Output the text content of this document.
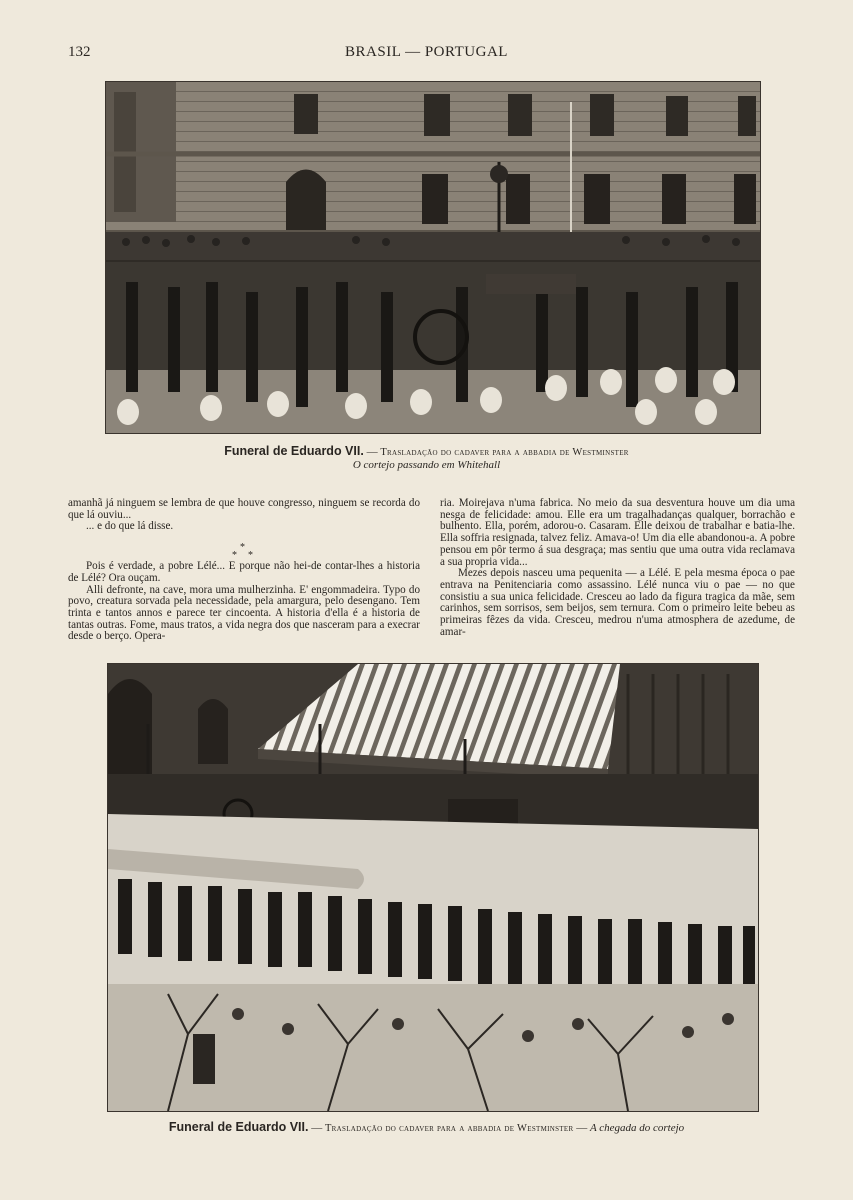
132	BRASIL — PORTUGAL
Funeral de Eduardo VII. — Trasladação do cadaver para a abbadia de Westminster
O cortejo passando em Whitehall

amanhã já ninguem se lembra de que houve congresso, ninguem se recorda do que lá ouviu...

... e do que lá disse.

*
* *

Pois é verdade, a pobre Lélé... E porque não hei-de contar-lhes a historia de Lélé? Ora ouçam.

Alli defronte, na cave, mora uma mulherzinha. E' engommadeira. Typo do povo, creatura sorvada pela necessidade, pela amargura, pelo desengano. Tem trinta e tantos annos e parece ter cincoenta. A historia d'ella é a historia de tantas outras. Fome, maus tratos, a vida negra dos que nasceram para a execrar desde o berço. Opera-

ria. Moirejava n'uma fabrica. No meio da sua desventura houve um dia uma nesga de felicidade: amou. Elle era um tragalhadanças qualquer, borrachão e bulhento. Ella, porém, adorou-o. Casaram. Elle deixou de trabalhar e batia-lhe. Ella soffria resignada, talvez feliz. Amava-o! Um dia elle abandonou-a. A pobre pensou em pôr termo á sua desgraça; mas sentiu que uma outra vida reclamava a sua propria vida...

Mezes depois nasceu uma pequenita — a Lélé. E pela mesma época o pae entrava na Penitenciaria como assassino. Lélé nunca viu o pae — no que consistiu a sua unica felicidade. Cresceu ao lado da figura tragica da mãe, sem carinhos, sem sorrisos, sem beijos, sem ternura. Com o primeiro leite bebeu as primeiras fêzes da vida. Cresceu, medrou n'uma atmosphera de azedume, de amar-

Funeral de Eduardo VII. — Trasladação do cadaver para a abbadia de Westminster — A chegada do cortejo
